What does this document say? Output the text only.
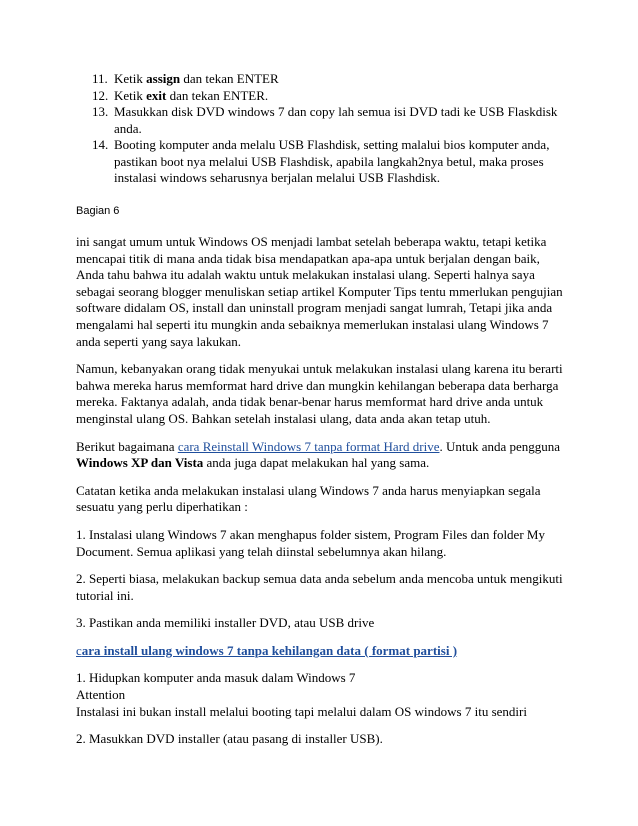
11. Ketik assign dan tekan ENTER
12. Ketik exit dan tekan ENTER.
13. Masukkan disk DVD windows 7 dan copy lah semua isi DVD tadi ke USB Flaskdisk anda.
14. Booting komputer anda melalu USB Flashdisk, setting malalui bios komputer anda, pastikan boot nya melalui USB Flashdisk, apabila langkah2nya betul, maka proses instalasi windows seharusnya berjalan melalui USB Flashdisk.
Bagian 6

ini sangat umum untuk Windows OS menjadi lambat setelah beberapa waktu, tetapi ketika mencapai titik di mana anda tidak bisa mendapatkan apa-apa untuk berjalan dengan baik, Anda tahu bahwa itu adalah waktu untuk melakukan instalasi ulang. Seperti halnya saya sebagai seorang blogger menuliskan setiap artikel Komputer Tips tentu mmerlukan pengujian software didalam OS, install dan uninstall program menjadi sangat lumrah, Tetapi jika anda mengalami hal seperti itu mungkin anda sebaiknya memerlukan instalasi ulang Windows 7 anda seperti yang saya lakukan.

Namun, kebanyakan orang tidak menyukai untuk melakukan instalasi ulang karena itu berarti bahwa mereka harus memformat hard drive dan mungkin kehilangan beberapa data berharga mereka. Faktanya adalah, anda tidak benar-benar harus memformat hard drive anda untuk menginstal ulang OS. Bahkan setelah instalasi ulang, data anda akan tetap utuh.

Berikut bagaimana cara Reinstall Windows 7 tanpa format Hard drive. Untuk anda pengguna Windows XP dan Vista anda juga dapat melakukan hal yang sama.

Catatan ketika anda melakukan instalasi ulang Windows 7 anda harus menyiapkan segala sesuatu yang perlu diperhatikan :

1. Instalasi ulang Windows 7 akan menghapus folder sistem, Program Files dan folder My Document. Semua aplikasi yang telah diinstal sebelumnya akan hilang.

2. Seperti biasa, melakukan backup semua data anda sebelum anda mencoba untuk mengikuti tutorial ini.

3. Pastikan anda memiliki installer DVD, atau USB drive

cara install ulang windows 7 tanpa kehilangan data ( format partisi )

1. Hidupkan komputer anda masuk dalam Windows 7
Attention
Instalasi ini bukan install melalui booting tapi melalui dalam OS windows 7 itu sendiri

2. Masukkan DVD installer (atau pasang di installer USB).
